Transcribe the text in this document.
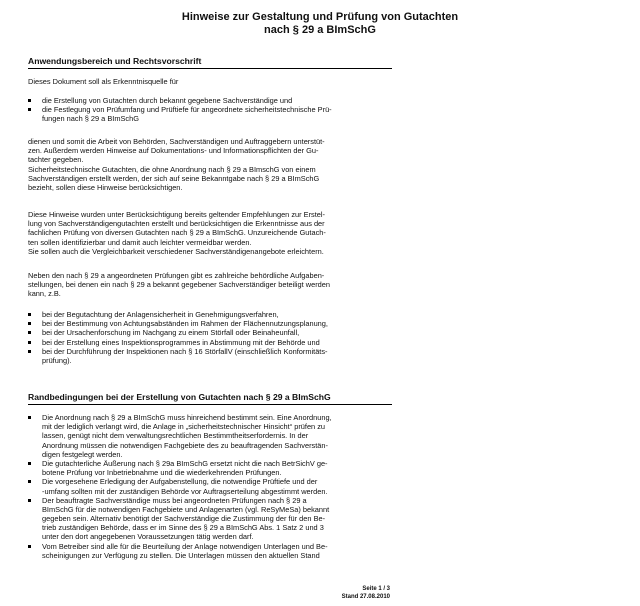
Hinweise zur Gestaltung und Prüfung von Gutachten
nach § 29 a BImSchG
Anwendungsbereich und Rechtsvorschrift
Dieses Dokument soll als Erkenntnisquelle für
die Erstellung von Gutachten durch bekannt gegebene Sachverständige und
die Festlegung von Prüfumfang und Prüftiefe für angeordnete sicherheitstechnische Prü-
fungen nach § 29 a BImSchG
dienen und somit die Arbeit von Behörden, Sachverständigen und Auftraggebern unterstüt-
zen. Außerdem werden Hinweise auf Dokumentations- und Informationspflichten der Gu-
tachter gegeben.
Sicherheitstechnische Gutachten, die ohne Anordnung nach § 29 a BImschG von einem
Sachverständigen erstellt werden, der sich auf seine Bekanntgabe nach § 29 a BImSchG
bezieht, sollen diese Hinweise berücksichtigen.
Diese Hinweise wurden unter Berücksichtigung bereits geltender Empfehlungen zur Erstel-
lung von Sachverständigengutachten erstellt und berücksichtigen die Erkenntnisse aus der
fachlichen Prüfung von diversen Gutachten nach § 29 a BImSchG. Unzureichende Gutach-
ten sollen identifizierbar und damit auch leichter vermeidbar werden.
Sie sollen auch die Vergleichbarkeit verschiedener Sachverständigenangebote erleichtern.
Neben den nach § 29 a angeordneten Prüfungen gibt es zahlreiche behördliche Aufgaben-
stellungen, bei denen ein nach § 29 a bekannt gegebener Sachverständiger beteiligt werden
kann, z.B.
bei der Begutachtung der Anlagensicherheit in Genehmigungsverfahren,
bei der Bestimmung von Achtungsabständen im Rahmen der Flächennutzungsplanung,
bei der Ursachenforschung im Nachgang zu einem Störfall oder Beinaheunfall,
bei der Erstellung eines Inspektionsprogrammes in Abstimmung mit der Behörde und
bei der Durchführung der Inspektionen nach § 16 StörfallV (einschließlich Konformitäts-
prüfung).
Randbedingungen bei der Erstellung von Gutachten nach § 29 a BImSchG
Die Anordnung nach § 29 a BImSchG muss hinreichend bestimmt sein. Eine Anordnung,
mit der lediglich verlangt wird, die Anlage in „sicherheitstechnischer Hinsicht“ prüfen zu
lassen, genügt nicht dem verwaltungsrechtlichen Bestimmtheitserfordernis. In der
Anordnung müssen die notwendigen Fachgebiete des zu beauftragenden Sachverstän-
digen festgelegt werden.
Die gutachterliche Äußerung nach § 29a BImSchG ersetzt nicht die nach BetrSichV ge-
botene Prüfung vor Inbetriebnahme und die wiederkehrenden Prüfungen.
Die vorgesehene Erledigung der Aufgabenstellung, die notwendige Prüftiefe und der
-umfang sollten mit der zuständigen Behörde vor Auftragserteilung abgestimmt werden.
Der beauftragte Sachverständige muss bei angeordneten Prüfungen nach § 29 a
BImSchG für die notwendigen Fachgebiete und Anlagenarten (vgl. ReSyMeSa) bekannt
gegeben sein. Alternativ benötigt der Sachverständige die Zustimmung der für den Be-
trieb zuständigen Behörde, dass er im Sinne des § 29 a BImSchG Abs. 1 Satz 2 und 3
unter den dort angegebenen Voraussetzungen tätig werden darf.
Vom Betreiber sind alle für die Beurteilung der Anlage notwendigen Unterlagen und Be-
scheinigungen zur Verfügung zu stellen. Die Unterlagen müssen den aktuellen Stand
Seite 1 / 3
Stand 27.08.2010
